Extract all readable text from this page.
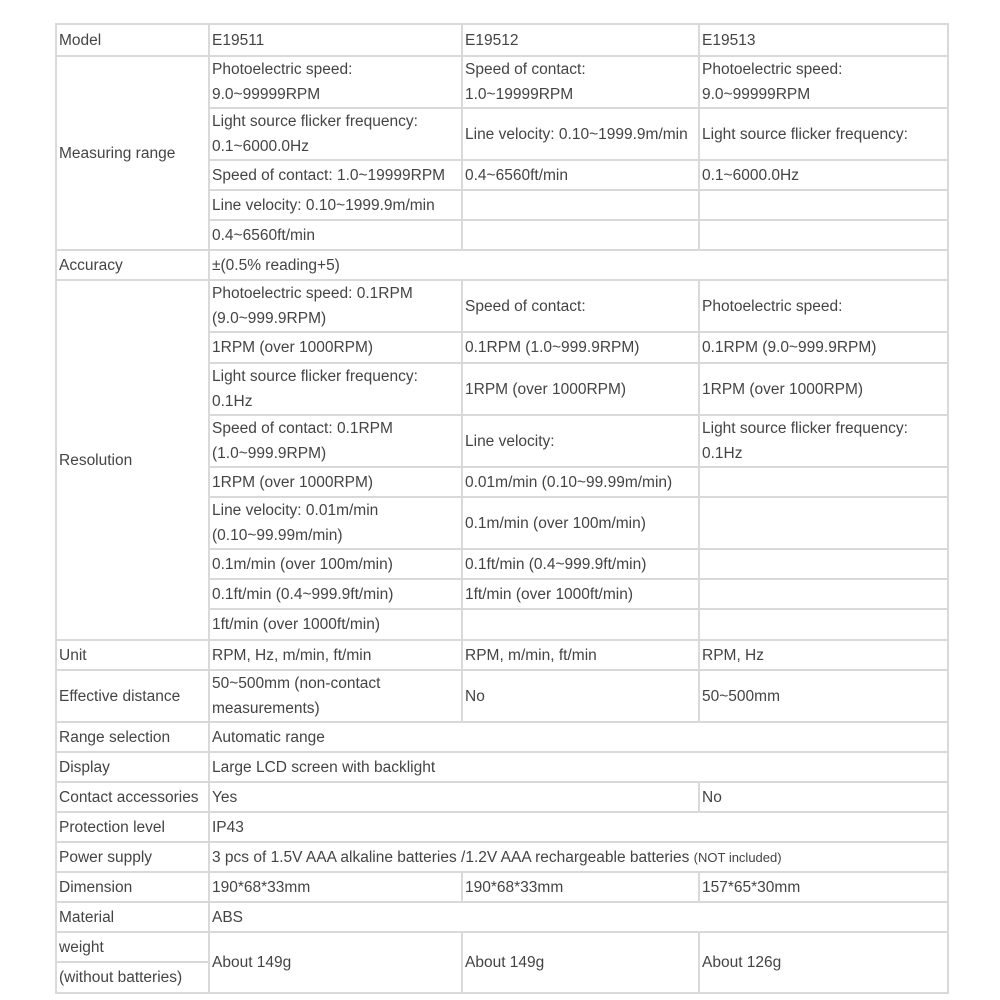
Model	E19511	E19512	E19513
Measuring range	Photoelectric speed: 9.0~99999RPM	Speed of contact: 1.0~19999RPM	Photoelectric speed: 9.0~99999RPM
	Light source flicker frequency: 0.1~6000.0Hz	Line velocity: 0.10~1999.9m/min	Light source flicker frequency:
	Speed of contact: 1.0~19999RPM	0.4~6560ft/min	0.1~6000.0Hz
	Line velocity: 0.10~1999.9m/min		
	0.4~6560ft/min		
Accuracy	±(0.5% reading+5)		
Resolution	Photoelectric speed: 0.1RPM (9.0~999.9RPM)	Speed of contact:	Photoelectric speed:
	1RPM (over 1000RPM)	0.1RPM (1.0~999.9RPM)	0.1RPM (9.0~999.9RPM)
	Light source flicker frequency: 0.1Hz	1RPM (over 1000RPM)	1RPM (over 1000RPM)
	Speed of contact: 0.1RPM (1.0~999.9RPM)	Line velocity:	Light source flicker frequency: 0.1Hz
	1RPM (over 1000RPM)	0.01m/min (0.10~99.99m/min)	
	Line velocity: 0.01m/min (0.10~99.99m/min)	0.1m/min (over 100m/min)	
	0.1m/min (over 100m/min)	0.1ft/min (0.4~999.9ft/min)	
	0.1ft/min (0.4~999.9ft/min)	1ft/min (over 1000ft/min)	
	1ft/min (over 1000ft/min)		
Unit	RPM, Hz, m/min, ft/min	RPM, m/min, ft/min	RPM, Hz
Effective distance	50~500mm (non-contact measurements)	No	50~500mm
Range selection	Automatic range		
Display	Large LCD screen with backlight		
Contact accessories	Yes		No
Protection level	IP43		
Power supply	3 pcs of 1.5V AAA alkaline batteries /1.2V AAA rechargeable batteries (NOT included)		
Dimension	190*68*33mm	190*68*33mm	157*65*30mm
Material	ABS		
weight	About 149g	About 149g	About 126g
(without batteries)			
